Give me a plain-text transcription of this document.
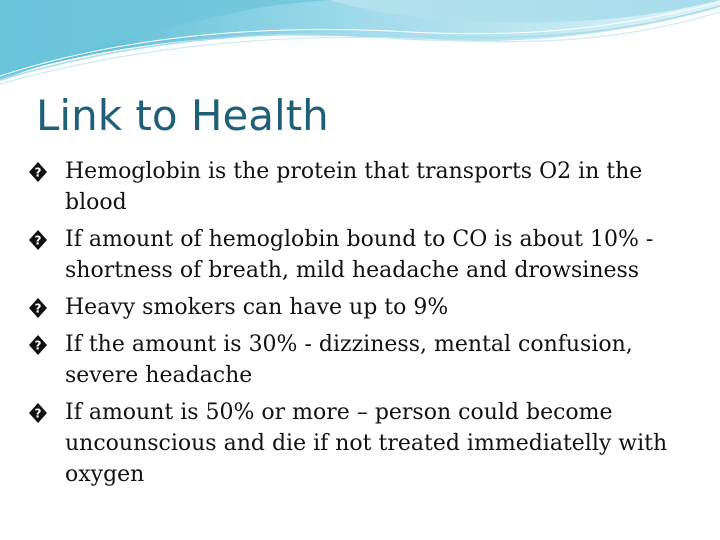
Link to Health
? Hemoglobin is the protein that transports O2 in the blood
? If amount of hemoglobin bound to CO is about 10% - shortness of breath, mild headache and drowsiness
? Heavy smokers can have up to 9%
? If the amount is 30% - dizziness, mental confusion, severe headache
? If amount is 50% or more – person could become uncounscious and die if not treated immediatelly with oxygen
